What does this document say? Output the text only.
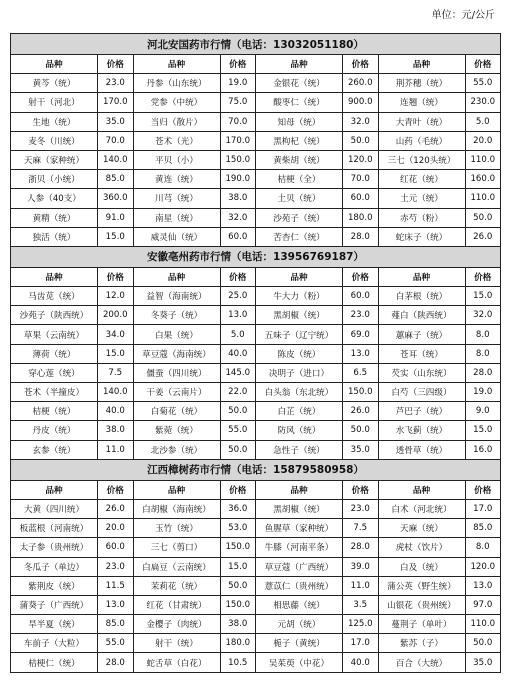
单位：元/公斤
河北安国药市行情（电话：13032051180）							
品种	价格	品种	价格	品种	价格	品种	价格
黄芩（统）	23.0	丹参（山东统）	19.0	金银花（统）	260.0	荆芥穗（统）	55.0
射干（河北）	170.0	党参（中统）	75.0	酸枣仁（统）	900.0	连翘（统）	230.0
生地（统）	35.0	当归（散片）	70.0	知母（统）	32.0	大青叶（统）	5.0
麦冬（川统）	70.0	苍术（光）	170.0	黑枸杞（统）	50.0	山药（毛统）	20.0
天麻（家种统）	140.0	平贝（小）	150.0	黄柴胡（统）	120.0	三七（120头统）	110.0
浙贝（小统）	85.0	黄连（统）	190.0	桔梗（全）	70.0	红花（统）	160.0
人参（40支）	360.0	川芎（统）	38.0	土贝（统）	60.0	土元（统）	110.0
黄精（统）	91.0	南星（统）	32.0	沙苑子（统）	180.0	赤芍（粉）	50.0
独活（统）	15.0	威灵仙（统）	60.0	苦杏仁（统）	28.0	蛇床子（统）	26.0
安徽亳州药市行情（电话：13956769187）							
品种	价格	品种	价格	品种	价格	品种	价格
马齿苋（统）	12.0	益智（海南统）	25.0	牛大力（粉）	60.0	白茅根（统）	15.0
沙苑子（陕西统）	200.0	冬葵子（统）	13.0	黑胡椒（统）	23.0	薤白（陕西统）	32.0
草果（云南统）	34.0	白果（统）	5.0	五味子（辽宁统）	69.0	蕙麻子（统）	8.0
薄荷（统）	15.0	草豆蔻（海南统）	40.0	陈皮（统）	13.0	苍耳（统）	8.0
穿心莲（统）	7.5	僵蚕（四川统）	145.0	决明子（进口）	6.5	芡实（山东统）	28.0
苍术（半撞皮）	140.0	干姜（云南片）	22.0	白头翁（东北统）	150.0	白芍（三四级）	19.0
桔梗（统）	40.0	白菊花（统）	50.0	白芷（统）	26.0	芦巴子（统）	9.0
丹皮（统）	38.0	紫菀（统）	55.0	防风（统）	50.0	水飞蓟（统）	15.0
玄参（统）	11.0	北沙参（统）	50.0	急性子（统）	35.0	透骨草（统）	16.0
江西樟树药市行情（电话：15879580958）							
品种	价格	品种	价格	品种	价格	品种	价格
大黄（四川统）	26.0	白胡椒（海南统）	36.0	黑胡椒（统）	23.0	白术（河北统）	17.0
板蓝根（河南统）	20.0	玉竹（统）	53.0	鱼腥草（家种统）	7.5	天麻（统）	85.0
太子参（贵州统）	60.0	三七（剪口）	150.0	牛膝（河南平条）	28.0	虎杖（饮片）	8.0
冬瓜子（单边）	23.0	白扁豆（云南统）	15.0	草豆蔻（广西统）	39.0	白及（统）	120.0
紫荆皮（统）	11.5	茉莉花（统）	50.0	薏苡仁（贵州统）	11.0	蒲公英（野生统）	13.0
蒲葵子（广西统）	13.0	红花（甘肃统）	150.0	相思藤（统）	3.5	山银花（贵州统）	97.0
旱半夏（统）	85.0	金樱子（肉统）	38.0	元胡（统）	125.0	蔓荆子（单叶）	110.0
车前子（大粒）	55.0	射干（统）	180.0	栀子（黄统）	17.0	紫苏（子）	50.0
桔梗仁（统）	28.0	蛇舌草（白花）	10.5	吴茱萸（中花）	40.0	百合（大统）	35.0
